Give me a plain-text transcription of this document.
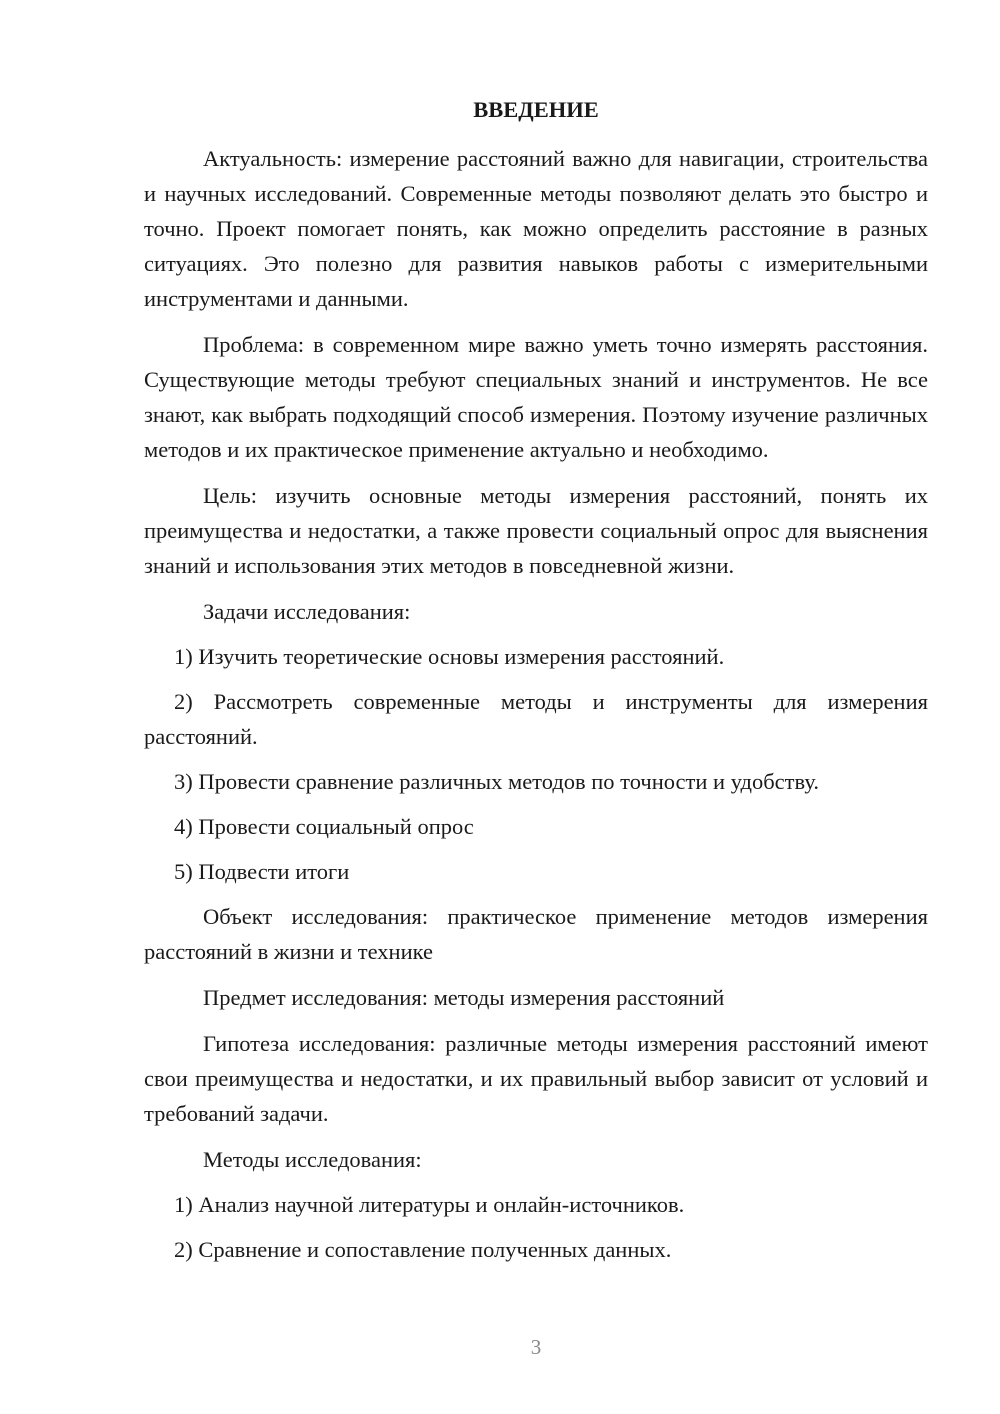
ВВЕДЕНИЕ

Актуальность: измерение расстояний важно для навигации, строительства и научных исследований. Современные методы позволяют делать это быстро и точно. Проект помогает понять, как можно определить расстояние в разных ситуациях. Это полезно для развития навыков работы с измерительными инструментами и данными.

Проблема: в современном мире важно уметь точно измерять расстояния. Существующие методы требуют специальных знаний и инструментов. Не все знают, как выбрать подходящий способ измерения. Поэтому изучение различных методов и их практическое применение актуально и необходимо.

Цель: изучить основные методы измерения расстояний, понять их преимущества и недостатки, а также провести социальный опрос для выяснения знаний и использования этих методов в повседневной жизни.

Задачи исследования:

1) Изучить теоретические основы измерения расстояний.

2) Рассмотреть современные методы и инструменты для измерения расстояний.

3) Провести сравнение различных методов по точности и удобству.

4) Провести социальный опрос

5) Подвести итоги

Объект исследования: практическое применение методов измерения расстояний в жизни и технике

Предмет исследования: методы измерения расстояний

Гипотеза исследования: различные методы измерения расстояний имеют свои преимущества и недостатки, и их правильный выбор зависит от условий и требований задачи.

Методы исследования:

1) Анализ научной литературы и онлайн-источников.

2) Сравнение и сопоставление полученных данных.

3
